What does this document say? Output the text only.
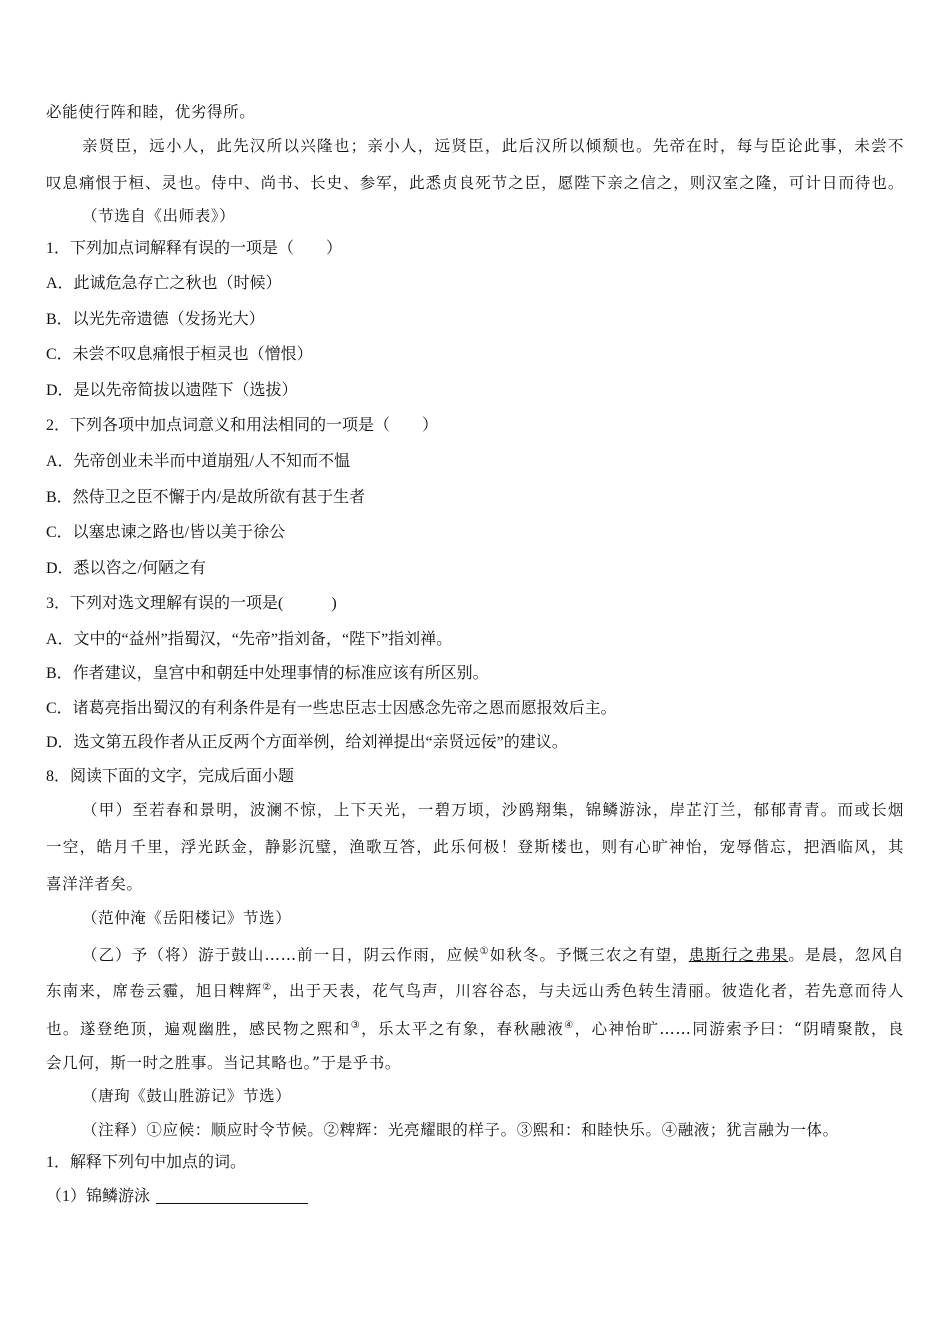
必能使行阵和睦，优劣得所。
亲贤臣，远小人，此先汉所以兴隆也；亲小人，远贤臣，此后汉所以倾颓也。先帝在时，每与臣论此事，未尝不
叹息痛恨于桓、灵也。侍中、尚书、长史、参军，此悉贞良死节之臣，愿陛下亲之信之，则汉室之隆，可计日而待也。
（节选自《出师表》）
1．下列加点词解释有误的一项是（　　）
A．此诚危急存亡之秋也（时候）
B．以光先帝遗德（发扬光大）
C．未尝不叹息痛恨于桓灵也（憎恨）
D．是以先帝简拔以遗陛下（选拔）
2．下列各项中加点词意义和用法相同的一项是（　　）
A．先帝创业未半而中道崩殂/人不知而不愠
B．然侍卫之臣不懈于内/是故所欲有甚于生者
C．以塞忠谏之路也/皆以美于徐公
D．悉以咨之/何陋之有
3．下列对选文理解有误的一项是(　　　)
A．文中的“益州”指蜀汉，“先帝”指刘备，“陛下”指刘禅。
B．作者建议，皇宫中和朝廷中处理事情的标准应该有所区别。
C．诸葛亮指出蜀汉的有利条件是有一些忠臣志士因感念先帝之恩而愿报效后主。
D．选文第五段作者从正反两个方面举例，给刘禅提出“亲贤远佞”的建议。
8．阅读下面的文字，完成后面小题
（甲）至若春和景明，波澜不惊，上下天光，一碧万顷，沙鸥翔集，锦鳞游泳，岸芷汀兰，郁郁青青。而或长烟
一空，皓月千里，浮光跃金，静影沉璧，渔歌互答，此乐何极！登斯楼也，则有心旷神怡，宠辱偕忘，把酒临风，其
喜洋洋者矣。
（范仲淹《岳阳楼记》节选）
（乙）予（将）游于鼓山……前一日，阴云作雨，应候①如秋冬。予慨三农之有望，患斯行之弗果。是晨，忽风自
东南来，席卷云霾，旭日粺辉②，出于天表，花气鸟声，川容谷态，与夫远山秀色转生清丽。彼造化者，若先意而待人
也。遂登绝顶，遍观幽胜，感民物之熙和③，乐太平之有象，春秋融液④，心神怡旷……同游索予曰：“阴晴聚散，良
会几何，斯一时之胜事。当记其略也。”于是乎书。
（唐珣《鼓山胜游记》节选）
（注释）①应候：顺应时令节候。②粺辉：光亮耀眼的样子。③熙和：和睦快乐。④融液；犹言融为一体。
1．解释下列句中加点的词。
（1）锦鳞游泳
